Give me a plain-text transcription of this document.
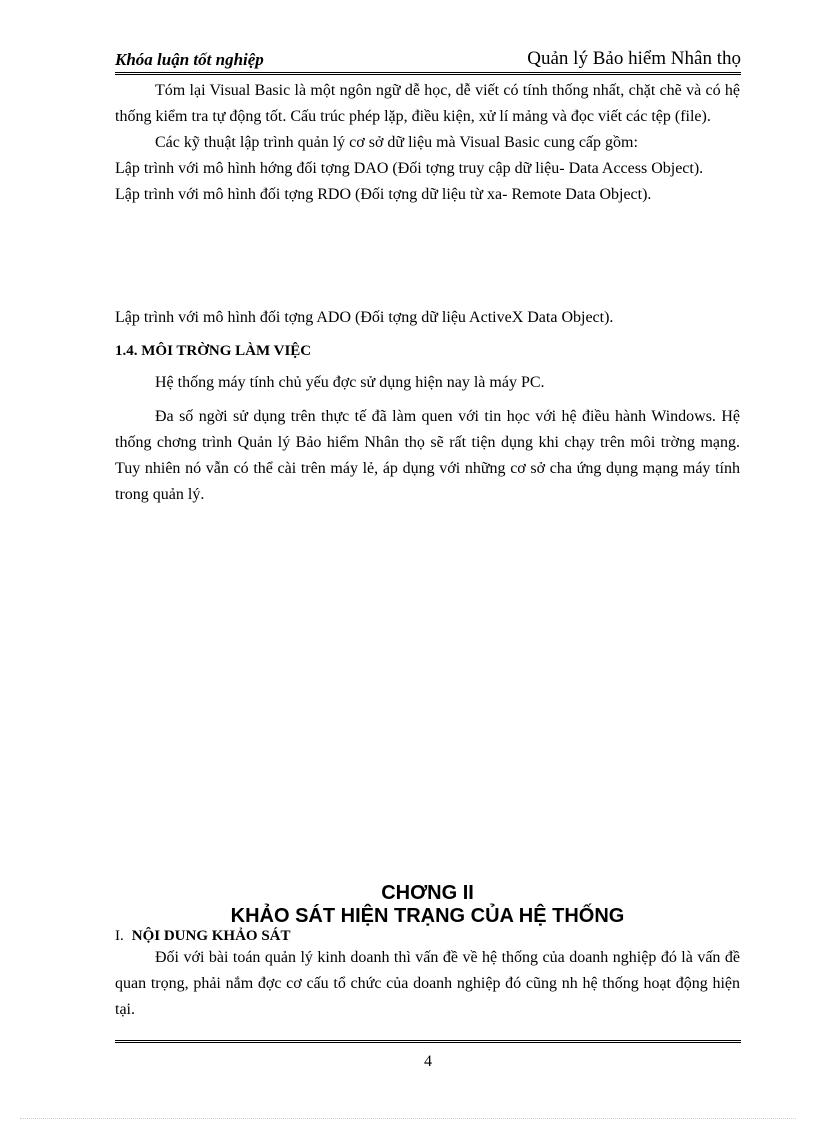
Khóa luận tốt nghiệp	Quản lý Bảo hiểm Nhân thọ

Tóm lại Visual Basic là một ngôn ngữ dễ học, dễ viết có tính thống nhất, chặt chẽ và có hệ thống kiểm tra tự động tốt. Cấu trúc phép lặp, điều kiện, xử lí mảng và đọc viết các tệp (file).

Các kỹ thuật lập trình quản lý cơ sở dữ liệu mà Visual Basic cung cấp gồm:

Lập trình với mô hình hớng đối tợng DAO (Đối tợng truy cập dữ liệu- Data Access Object).

Lập trình với mô hình đối tợng RDO (Đối tợng dữ liệu từ xa- Remote Data Object).

Lập trình với mô hình đối tợng ADO (Đối tợng dữ liệu ActiveX Data Object).

1.4. MÔI TRỜNG LÀM VIỆC

Hệ thống máy tính chủ yếu đợc sử dụng hiện nay là máy PC.

Đa số ngời sử dụng trên thực tế đã làm quen với tin học với hệ điều hành Windows. Hệ thống chơng trình Quản lý Bảo hiểm Nhân thọ sẽ rất tiện dụng khi chạy trên môi trờng mạng. Tuy nhiên nó vẫn có thể cài trên máy lẻ, áp dụng với những cơ sở cha ứng dụng mạng máy tính trong quản lý.

CHƠNG II

KHẢO SÁT HIỆN TRẠNG CỦA HỆ THỐNG

I. NỘI DUNG KHẢO SÁT

Đối với bài toán quản lý kinh doanh thì vấn đề về hệ thống của doanh nghiệp đó là vấn đề quan trọng, phải nắm đợc cơ cấu tổ chức của doanh nghiệp đó cũng nh hệ thống hoạt động hiện tại.

4
